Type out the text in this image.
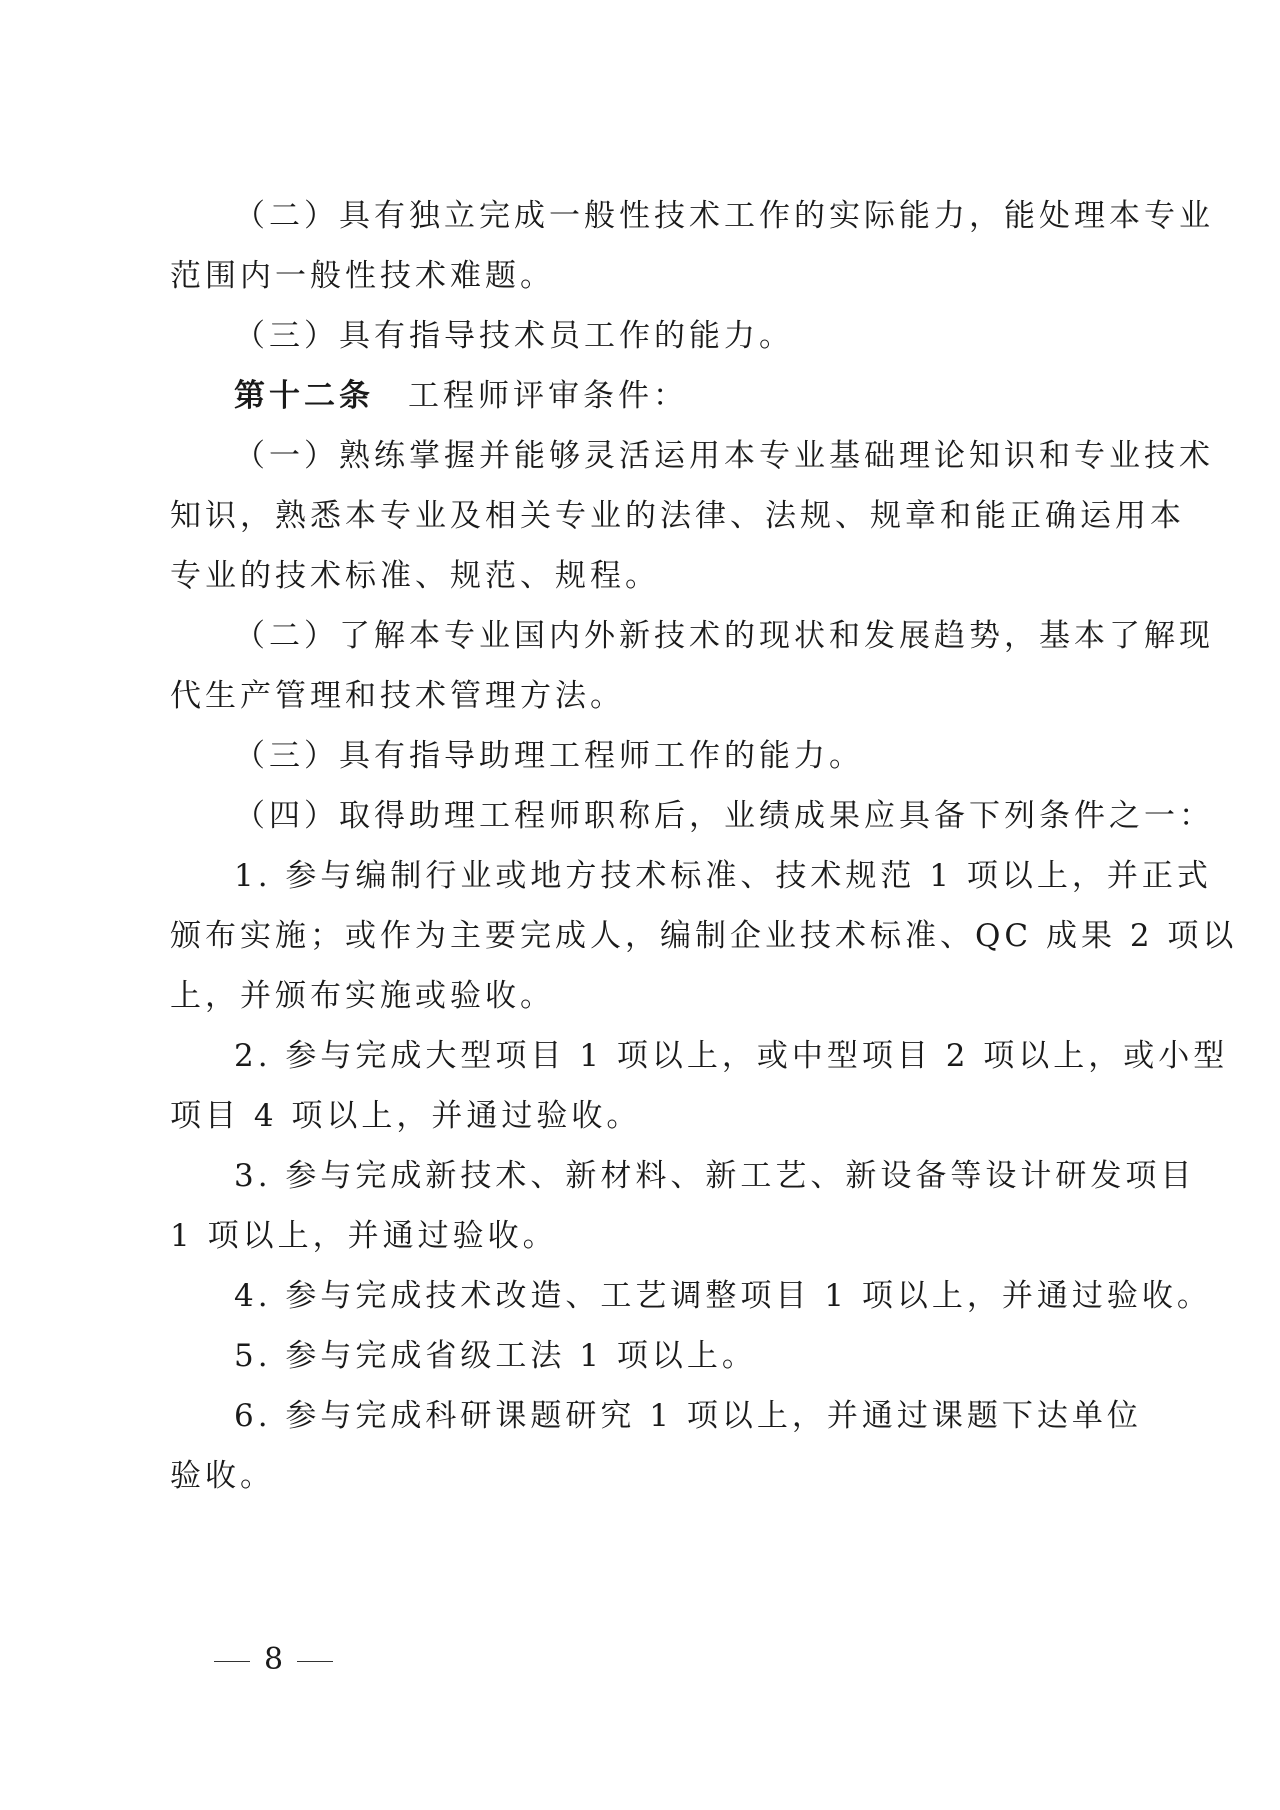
（二）具有独立完成一般性技术工作的实际能力，能处理本专业
范围内一般性技术难题。
（三）具有指导技术员工作的能力。
第十二条 工程师评审条件：
（一）熟练掌握并能够灵活运用本专业基础理论知识和专业技术
知识，熟悉本专业及相关专业的法律、法规、规章和能正确运用本
专业的技术标准、规范、规程。
（二）了解本专业国内外新技术的现状和发展趋势，基本了解现
代生产管理和技术管理方法。
（三）具有指导助理工程师工作的能力。
（四）取得助理工程师职称后，业绩成果应具备下列条件之一：
1. 参与编制行业或地方技术标准、技术规范 1 项以上，并正式
颁布实施；或作为主要完成人，编制企业技术标准、QC 成果 2 项以
上，并颁布实施或验收。
2. 参与完成大型项目 1 项以上，或中型项目 2 项以上，或小型
项目 4 项以上，并通过验收。
3. 参与完成新技术、新材料、新工艺、新设备等设计研发项目
1 项以上，并通过验收。
4. 参与完成技术改造、工艺调整项目 1 项以上，并通过验收。
5. 参与完成省级工法 1 项以上。
6. 参与完成科研课题研究 1 项以上，并通过课题下达单位
验收。
8
